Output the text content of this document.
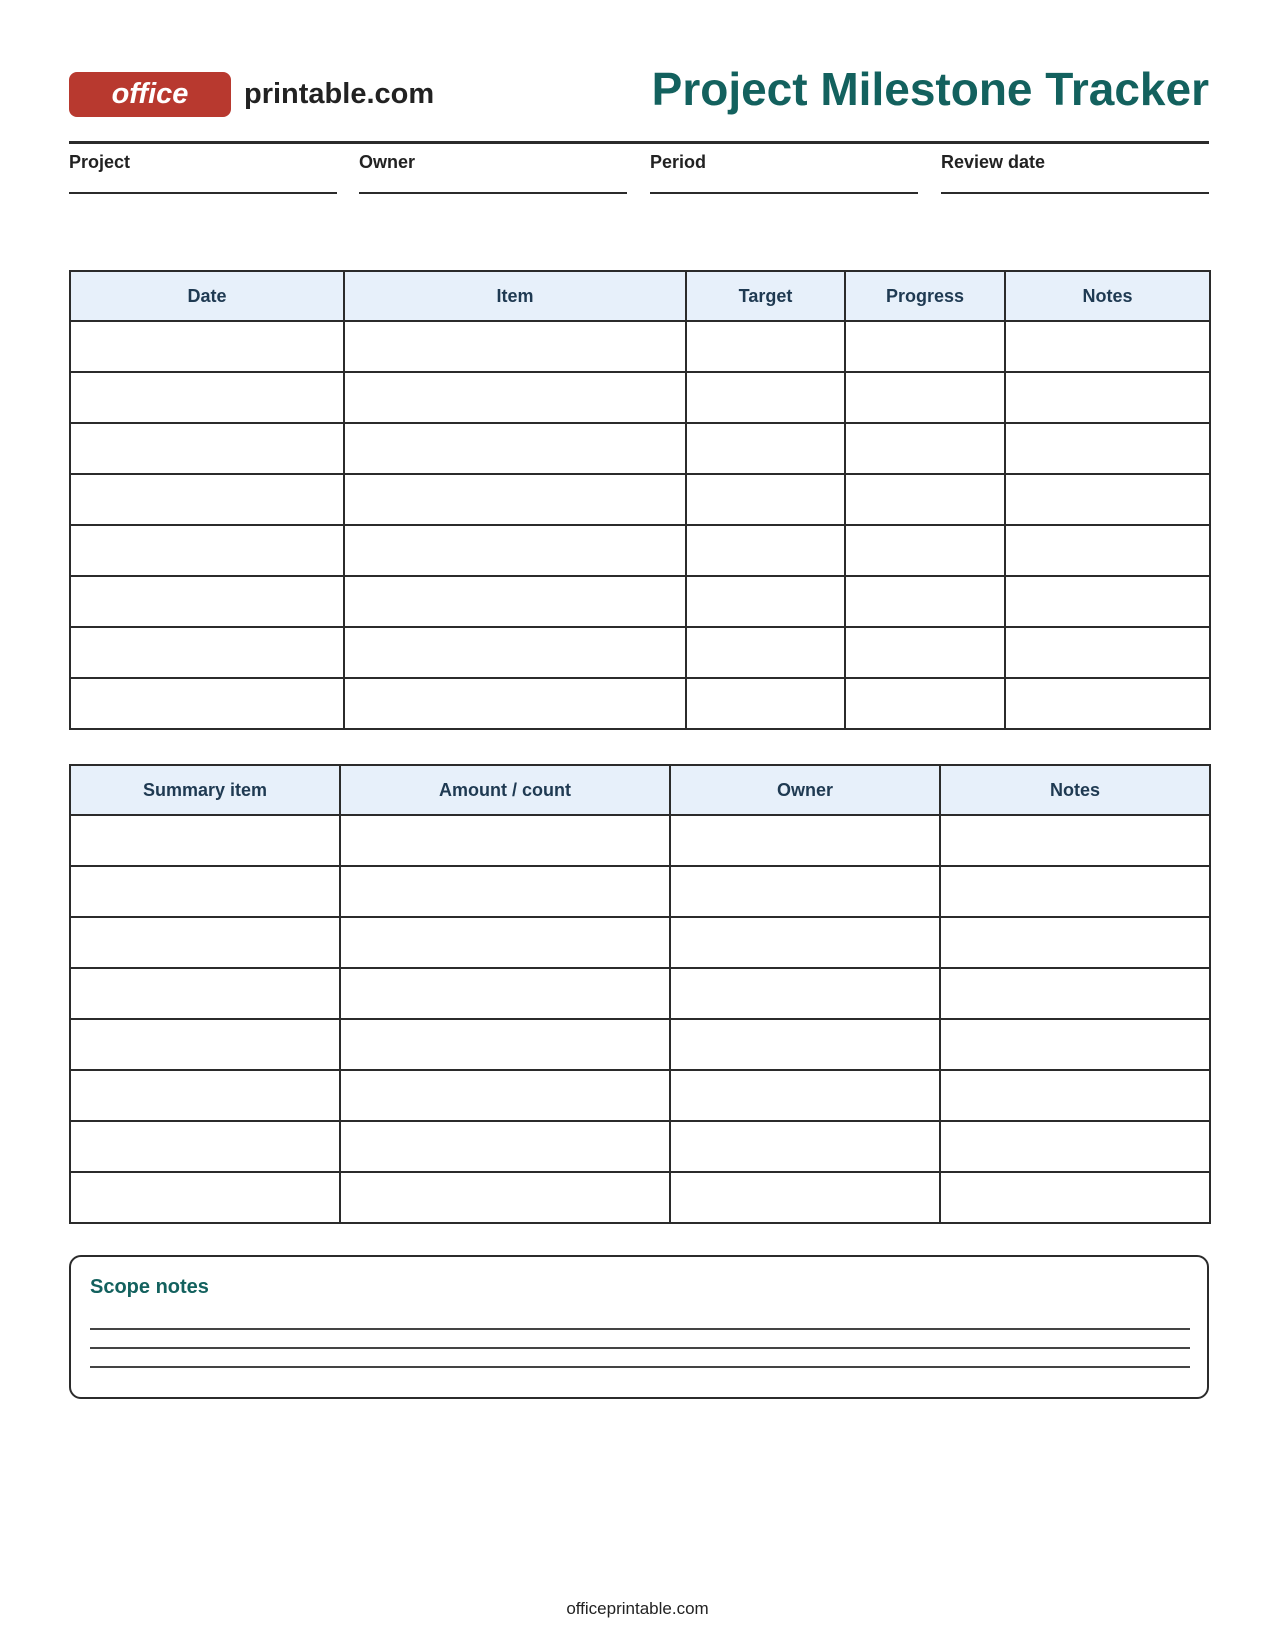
office	printable.com	Project Milestone Tracker
Project	Owner	Period	Review date
Date	Item	Target	Progress	Notes

Summary item	Amount / count	Owner	Notes

Scope notes
officeprintable.com
